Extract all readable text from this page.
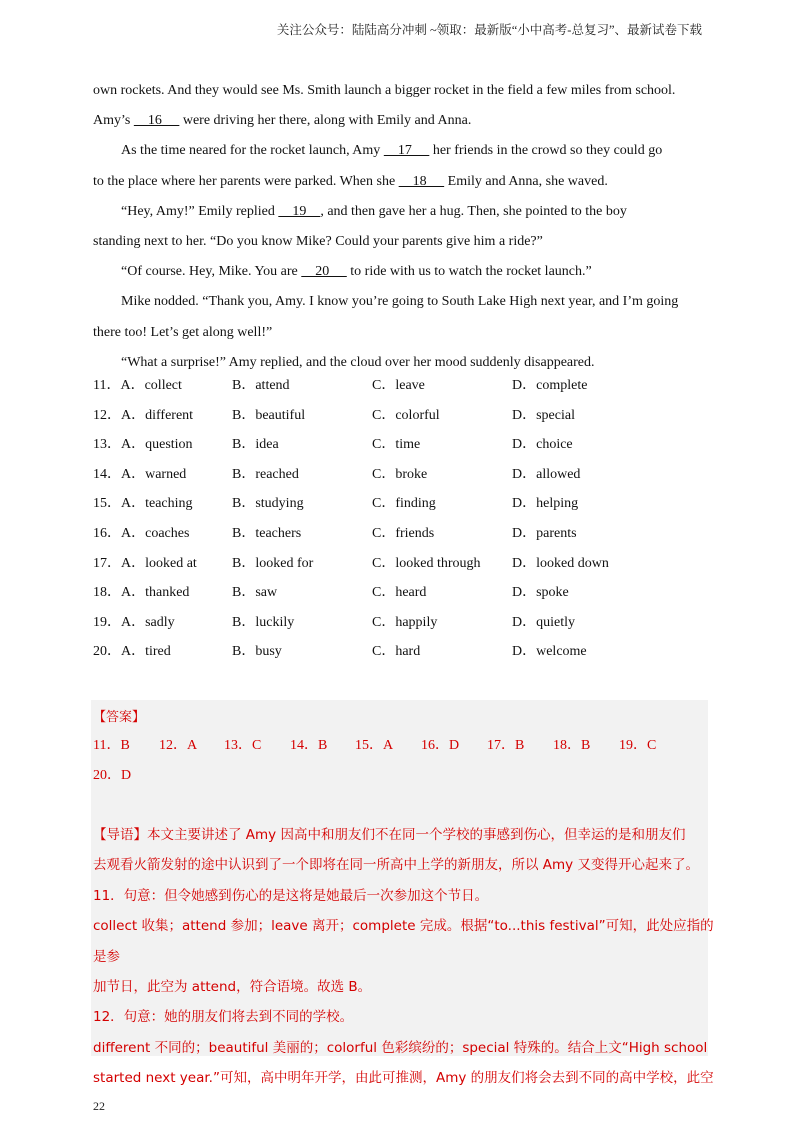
关注公众号：陆陆高分冲刺 ~领取：最新版“小中高考-总复习”、最新试卷下载

own rockets. And they would see Ms. Smith launch a bigger rocket in the field a few miles from school.

Amy’s     16      were driving her there, along with Emily and Anna.

As the time neared for the rocket launch, Amy     17      her friends in the crowd so they could go

to the place where her parents were parked. When she     18      Emily and Anna, she waved.

“Hey, Amy!” Emily replied     19    , and then gave her a hug. Then, she pointed to the boy

standing next to her. “Do you know Mike? Could your parents give him a ride?”

“Of course. Hey, Mike. You are     20      to ride with us to watch the rocket launch.”

Mike nodded. “Thank you, Amy. I know you’re going to South Lake High next year, and I’m going

there too! Let’s get along well!”

“What a surprise!” Amy replied, and the cloud over her mood suddenly disappeared.

11．A．collect	B．attend	C．leave	D．complete
12．A．different	B．beautiful	C．colorful	D．special
13．A．question	B．idea	C．time	D．choice
14．A．warned	B．reached	C．broke	D．allowed
15．A．teaching	B．studying	C．finding	D．helping
16．A．coaches	B．teachers	C．friends	D．parents
17．A．looked at	B．looked for	C．looked through D．looked down
18．A．thanked	B．saw	C．heard	D．spoke
19．A．sadly	B．luckily	C．happily	D．quietly
20．A．tired	B．busy	C．hard	D．welcome
【答案】
11．B 12．A 13．C 14．B 15．A 16．D 17．B 18．B 19．C
20．D

【导语】本文主要讲述了 Amy 因高中和朋友们不在同一个学校的事感到伤心，但幸运的是和朋友们

去观看火箭发射的途中认识到了一个即将在同一所高中上学的新朋友，所以 Amy 又变得开心起来了。

11．句意：但令她感到伤心的是这将是她最后一次参加这个节日。

collect 收集；attend 参加；leave 离开；complete 完成。根据“to...this festival”可知，此处应指的是参

加节日，此空为 attend，符合语境。故选 B。

12．句意：她的朋友们将去到不同的学校。

different 不同的；beautiful 美丽的；colorful 色彩缤纷的；special 特殊的。结合上文“High school

started next year.”可知，高中明年开学，由此可推测，Amy 的朋友们将会去到不同的高中学校，此空

22
